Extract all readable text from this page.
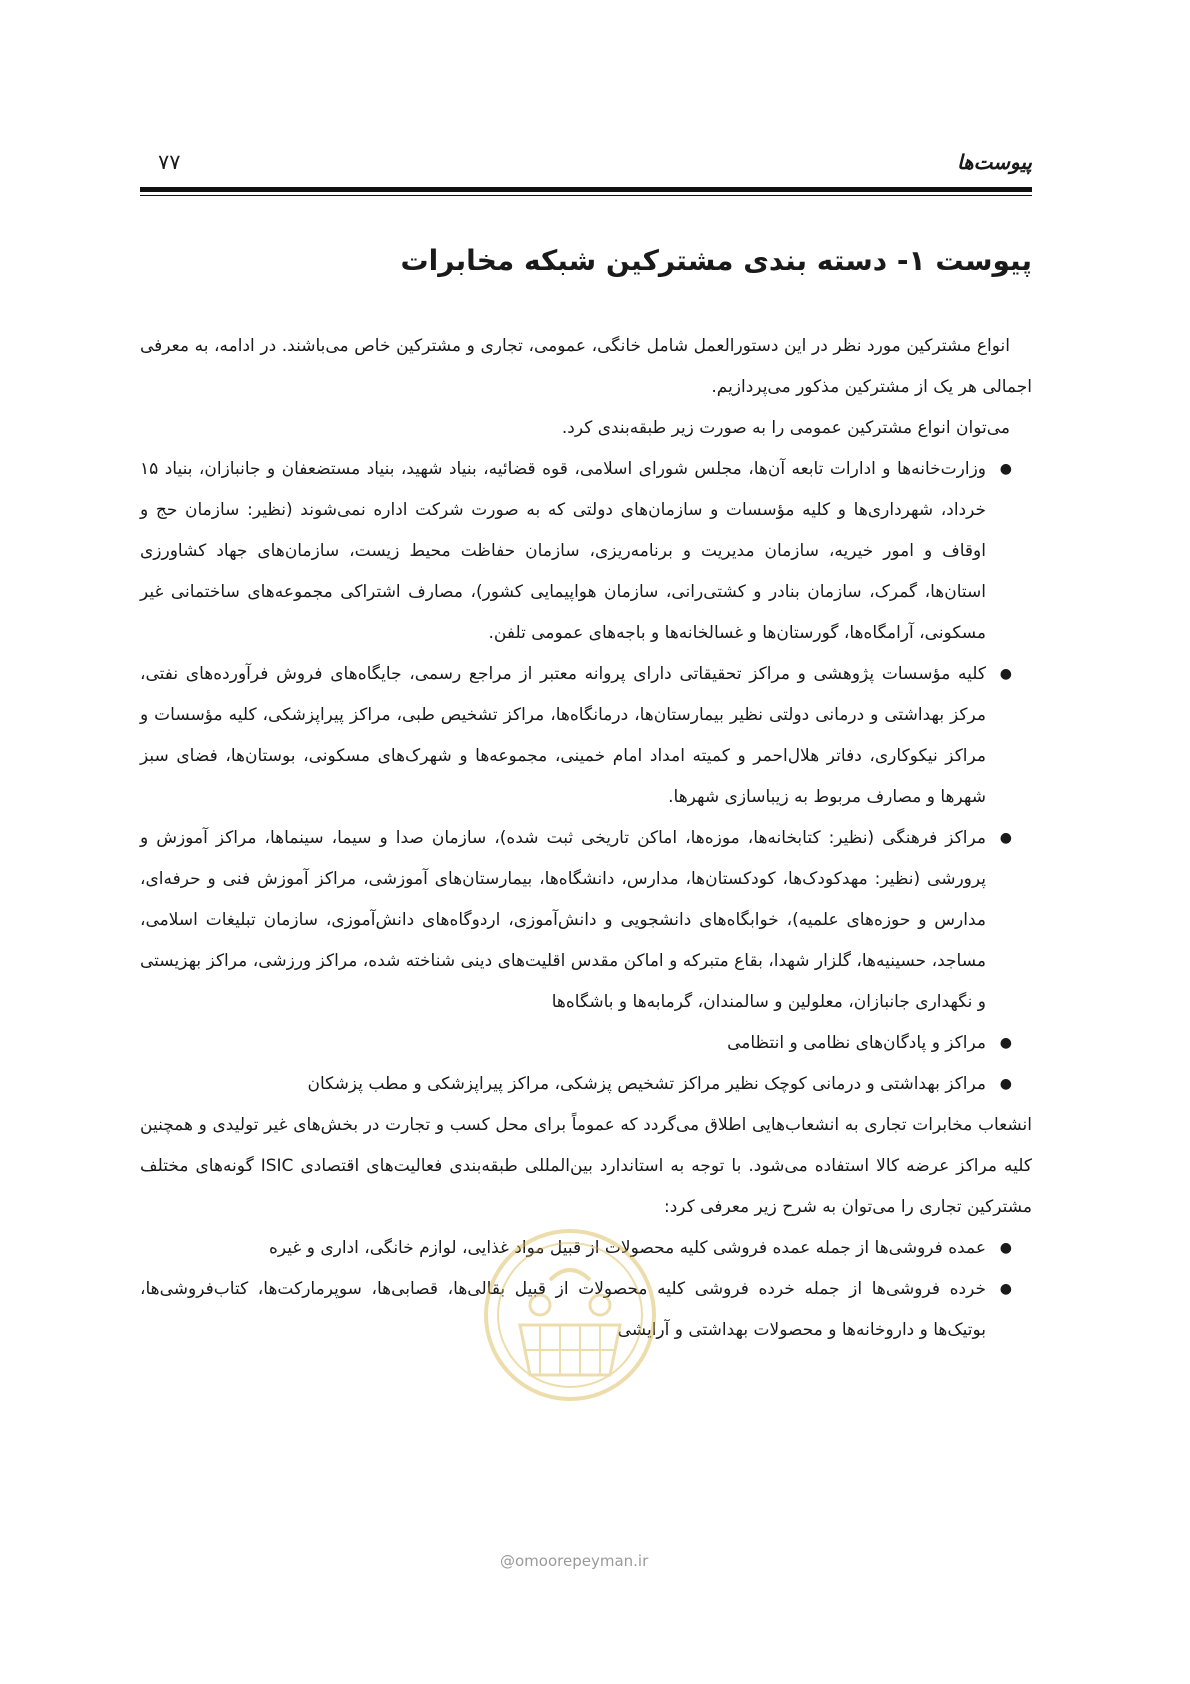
پیوست‌ها
۷۷
پیوست ۱- دسته بندی مشترکین شبکه مخابرات

انواع مشترکین مورد نظر در این دستورالعمل شامل خانگی، عمومی، تجاری و مشترکین خاص می‌باشند. در ادامه، به معرفی اجمالی هر یک از مشترکین مذکور می‌پردازیم.

می‌توان انواع مشترکین عمومی را به صورت زیر طبقه‌بندی کرد.

●
وزارت‌خانه‌ها و ادارات تابعه آن‌ها، مجلس شورای اسلامی، قوه قضائیه، بنیاد شهید، بنیاد مستضعفان و جانبازان، بنیاد ۱۵ خرداد، شهرداری‌ها و کلیه مؤسسات و سازمان‌های دولتی که به صورت شرکت اداره نمی‌شوند (نظیر: سازمان حج و اوقاف و امور خیریه، سازمان مدیریت و برنامه‌ریزی، سازمان حفاظت محیط زیست، سازمان‌های جهاد کشاورزی استان‌ها، گمرک، سازمان بنادر و کشتی‌رانی، سازمان هواپیمایی کشور)، مصارف اشتراکی مجموعه‌های ساختمانی غیر مسکونی، آرامگاه‌ها، گورستان‌ها و غسالخانه‌ها و باجه‌های عمومی تلفن.
●
کلیه مؤسسات پژوهشی و مراکز تحقیقاتی دارای پروانه معتبر از مراجع رسمی، جایگاه‌های فروش فرآورده‌های نفتی، مرکز بهداشتی و درمانی دولتی نظیر بیمارستان‌ها، درمانگاه‌ها، مراکز تشخیص طبی، مراکز پیراپزشکی، کلیه مؤسسات و مراکز نیکوکاری، دفاتر هلال‌احمر و کمیته امداد امام خمینی، مجموعه‌ها و شهرک‌های مسکونی، بوستان‌ها، فضای سبز شهرها و مصارف مربوط به زیباسازی شهرها.
●
مراکز فرهنگی (نظیر: کتابخانه‌ها، موزه‌ها، اماکن تاریخی ثبت شده)، سازمان صدا و سیما، سینماها، مراکز آموزش و پرورشی (نظیر: مهدکودک‌ها، کودکستان‌ها، مدارس، دانشگاه‌ها، بیمارستان‌های آموزشی، مراکز آموزش فنی و حرفه‌ای، مدارس و حوزه‌های علمیه)، خوابگاه‌های دانشجویی و دانش‌آموزی، اردوگاه‌های دانش‌آموزی، سازمان تبلیغات اسلامی، مساجد، حسینیه‌ها، گلزار شهدا، بقاع متبرکه و اماکن مقدس اقلیت‌های دینی شناخته شده، مراکز ورزشی، مراکز بهزیستی و نگهداری جانبازان، معلولین و سالمندان، گرمابه‌ها و باشگاه‌ها
●
مراکز و پادگان‌های نظامی و انتظامی
●
مراکز بهداشتی و درمانی کوچک نظیر مراکز تشخیص پزشکی، مراکز پیراپزشکی و مطب پزشکان

انشعاب مخابرات تجاری به انشعاب‌هایی اطلاق می‌گردد که عموماً برای محل کسب و تجارت در بخش‌های غیر تولیدی و همچنین کلیه مراکز عرضه کالا استفاده می‌شود. با توجه به استاندارد بین‌المللی طبقه‌بندی فعالیت‌های اقتصادی ISIC گونه‌های مختلف مشترکین تجاری را می‌توان به شرح زیر معرفی کرد:

●
عمده فروشی‌ها از جمله عمده فروشی کلیه محصولات از قبیل مواد غذایی، لوازم خانگی، اداری و غیره
●
خرده فروشی‌ها از جمله خرده فروشی کلیه محصولات از قبیل بقالی‌ها، قصابی‌ها، سوپرمارکت‌ها، کتاب‌فروشی‌ها، بوتیک‌ها و داروخانه‌ها و محصولات بهداشتی و آرایشی
@omoorepeyman.ir
